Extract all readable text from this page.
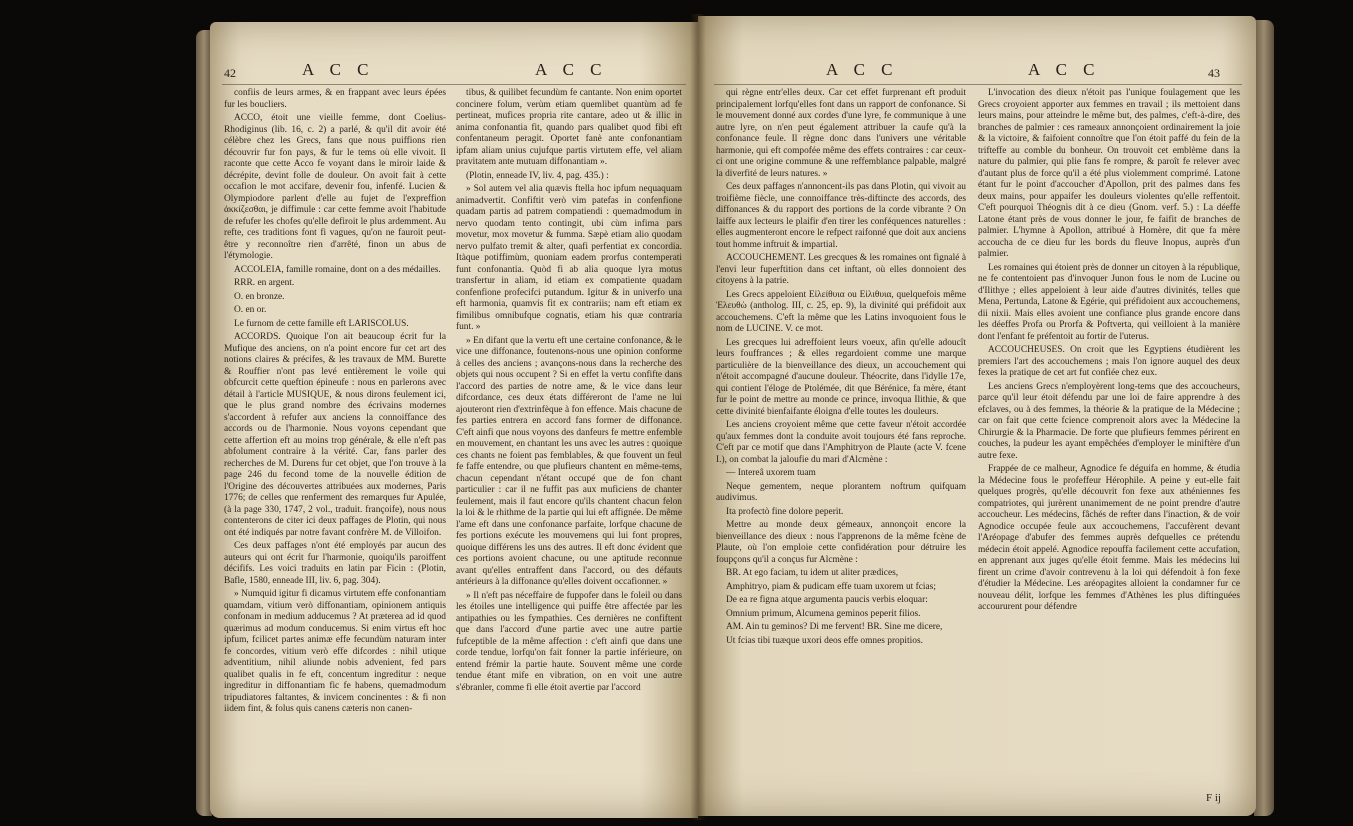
42	A C C	A C C

confiis de leurs armes, & en frappant avec leurs épées fur les boucliers.

ACCO, étoit une vieille femme, dont Coelius-Rhodiginus (lib. 16, c. 2) a parlé, & qu'il dit avoir été célèbre chez les Grecs, fans que nous puiffions rien découvrir fur fon pays, & fur le tems où elle vivoit. Il raconte que cette Acco fe voyant dans le miroir laide & décrépite, devint folle de douleur. On avoit fait à cette occafion le mot accifare, devenir fou, infenfé. Lucien & Olympiodore parlent d'elle au fujet de l'expreffion ἀκκίζεσθαι, je diffimule : car cette femme avoit l'habitude de refufer les chofes qu'elle defiroit le plus ardemment. Au refte, ces traditions font fi vagues, qu'on ne fauroit peut-être y reconnoître rien d'arrêté, finon un abus de l'étymologie.

ACCOLEIA, famille romaine, dont on a des médailles.

RRR. en argent.

O. en bronze.

O. en or.

Le furnom de cette famille eft LARISCOLUS.

ACCORDS. Quoique l'on ait beaucoup écrit fur la Mufique des anciens, on n'a point encore fur cet art des notions claires & précifes, & les travaux de MM. Burette & Rouffier n'ont pas levé entièrement le voile qui obfcurcit cette queftion épineufe : nous en parlerons avec détail à l'article MUSIQUE, & nous dirons feulement ici, que le plus grand nombre des écrivains modernes s'accordent à refufer aux anciens la connoiffance des accords ou de l'harmonie. Nous voyons cependant que cette affertion eft au moins trop générale, & elle n'eft pas abfolument contraire à la vérité. Car, fans parler des recherches de M. Durens fur cet objet, que l'on trouve à la page 246 du fecond tome de la nouvelle édition de l'Origine des découvertes attribuées aux modernes, Paris 1776; de celles que renferment des remarques fur Apulée, (à la page 330, 1747, 2 vol., traduit. françoife), nous nous contenterons de citer ici deux paffages de Plotin, qui nous ont été indiqués par notre favant confrère M. de Villoifon.

Ces deux paffages n'ont été employés par aucun des auteurs qui ont écrit fur l'harmonie, quoiqu'ils paroiffent décififs. Les voici traduits en latin par Ficin : (Plotin, Bafle, 1580, enneade III, liv. 6, pag. 304).

» Numquid igitur fi dicamus virtutem effe confonantiam quamdam, vitium verò diffonantiam, opinionem antiquis confonam in medium adducemus ? At præterea ad id quod quærimus ad modum conducemus. Si enim virtus eft hoc ipfum, fcilicet partes animæ effe fecundùm naturam inter fe concordes, vitium verò effe difcordes : nihil utique adventitium, nihil aliunde nobis advenient, fed pars qualibet qualis in fe eft, concentum ingreditur : neque ingreditur in diffonantiam fic fe habens, quemadmodum tripudiatores faltantes, & invicem concinentes : & fi non iidem fint, & folus quis canens cæteris non canen-

tibus, & quilibet fecundùm fe cantante. Non enim oportet concinere folum, verùm etiam quemlibet quantùm ad fe pertineat, mufices propria rite cantare, adeo ut & illic in anima confonantia fit, quando pars qualibet quod fibi eft confentaneum peragit. Oportet fanè ante confonantiam ipfam aliam unius cujufque partis virtutem effe, vel aliam pravitatem ante mutuam diffonantiam ».

(Plotin, enneade IV, liv. 4, pag. 435.) :

» Sol autem vel alia quævis ftella hoc ipfum nequaquam animadvertit. Confiftit verò vim patefas in confenfione quadam partis ad patrem compatiendi : quemadmodum in nervo quodam tento contingit, ubi cùm infima pars movetur, mox movetur & fumma. Sæpè etiam alio quodam nervo pulfato tremit & alter, quafi perfentiat ex concordia. Itàque potiffimùm, quoniam eadem prorfus contemperati funt confonantia. Quòd fi ab alia quoque lyra motus transfertur in aliam, id etiam ex compatiente quadam confenfione profecifci putandum. Igitur & in univerfo una eft harmonia, quamvis fit ex contrariis; nam eft etiam ex fimilibus omnibufque cognatis, etiam his quæ contraria funt. »

» En difant que la vertu eft une certaine confonance, & le vice une diffonance, foutenons-nous une opinion conforme à celles des anciens ; avançons-nous dans la recherche des objets qui nous occupent ? Si en effet la vertu confifte dans l'accord des parties de notre ame, & le vice dans leur difcordance, ces deux états différeront de l'ame ne lui ajouteront rien d'extrinfèque à fon effence. Mais chacune de fes parties entrera en accord fans former de diffonance. C'eft ainfi que nous voyons des danfeurs fe mettre enfemble en mouvement, en chantant les uns avec les autres : quoique ces chants ne foient pas femblables, & que fouvent un feul fe faffe entendre, ou que plufieurs chantent en même-tems, chacun cependant n'étant occupé que de fon chant particulier : car il ne fuffit pas aux muficiens de chanter feulement, mais il faut encore qu'ils chantent chacun felon la loi & le rhithme de la partie qui lui eft affignée. De même l'ame eft dans une confonance parfaite, lorfque chacune de fes portions exécute les mouvemens qui lui font propres, quoique différens les uns des autres. Il eft donc évident que ces portions avoient chacune, ou une aptitude reconnue avant qu'elles entraffent dans l'accord, ou des défauts antérieurs à la diffonance qu'elles doivent occafionner. »

» Il n'eft pas néceffaire de fuppofer dans le foleil ou dans les étoiles une intelligence qui puiffe être affectée par les antipathies ou les fympathies. Ces dernières ne confiftent que dans l'accord d'une partie avec une autre partie fufceptible de la même affection : c'eft ainfi que dans une corde tendue, lorfqu'on fait fonner la partie inférieure, on entend frémir la partie haute. Souvent même une corde tendue étant mife en vibration, on en voit une autre s'ébranler, comme fi elle étoit avertie par l'accord

A C C	A C C	43

qui règne entr'elles deux. Car cet effet furprenant eft produit principalement lorfqu'elles font dans un rapport de confonance. Si le mouvement donné aux cordes d'une lyre, fe communique à une autre lyre, on n'en peut également attribuer la caufe qu'à la confonance feule. Il règne donc dans l'univers une véritable harmonie, qui eft compofée même des effets contraires : car ceux-ci ont une origine commune & une reffemblance palpable, malgré la diverfité de leurs natures. »

Ces deux paffages n'annoncent-ils pas dans Plotin, qui vivoit au troifième fiècle, une connoiffance très-diftincte des accords, des diffonances & du rapport des portions de la corde vibrante ? On laiffe aux lecteurs le plaifir d'en tirer les conféquences naturelles : elles augmenteront encore le refpect raifonné que doit aux anciens tout homme inftruit & impartial.

ACCOUCHEMENT. Les grecques & les romaines ont fignalé à l'envi leur fuperftition dans cet inftant, où elles donnoient des citoyens à la patrie.

Les Grecs appeloient Εἰλείθυια ou Εἰλιθυια, quelquefois même Ἐλευθὼ (antholog. III, c. 25, ep. 9), la divinité qui préfidoit aux accouchemens. C'eft la même que les Latins invoquoient fous le nom de LUCINE. V. ce mot.

Les grecques lui adreffoient leurs voeux, afin qu'elle adoucît leurs fouffrances ; & elles regardoient comme une marque particulière de la bienveillance des dieux, un accouchement qui n'étoit accompagné d'aucune douleur. Théocrite, dans l'idylle 17e, qui contient l'éloge de Ptolémée, dit que Bérénice, fa mère, étant fur le point de mettre au monde ce prince, invoqua Ilithie, & que cette divinité bienfaifante éloigna d'elle toutes les douleurs.

Les anciens croyoient même que cette faveur n'étoit accordée qu'aux femmes dont la conduite avoit toujours été fans reproche. C'eft par ce motif que dans l'Amphitryon de Plaute (acte V. fcene I.), on combat la jaloufie du mari d'Alcmène :

— Intereâ uxorem tuam

Neque gementem, neque plorantem noftrum quifquam audivimus.

Ita profectò fine dolore peperit.

Mettre au monde deux gémeaux, annonçoit encore la bienveillance des dieux : nous l'apprenons de la même fcène de Plaute, où l'on emploie cette confidération pour détruire les foupçons qu'il a conçus fur Alcmène :

BR. At ego faciam, tu idem ut aliter prædices,

Amphitryo, piam & pudicam effe tuam uxorem ut fcias;

De ea re figna atque argumenta paucis verbis eloquar:

Omnium primum, Alcumena geminos peperit filios.

AM. Ain tu geminos? Di me fervent! BR. Sine me dicere,

Ut fcias tibi tuæque uxori deos effe omnes propitios.

L'invocation des dieux n'étoit pas l'unique foulagement que les Grecs croyoient apporter aux femmes en travail ; ils mettoient dans leurs mains, pour atteindre le même but, des palmes, c'eft-à-dire, des branches de palmier : ces rameaux annonçoient ordinairement la joie & la victoire, & faifoient connoître que l'on étoit paffé du fein de la trifteffe au comble du bonheur. On trouvoit cet emblème dans la nature du palmier, qui plie fans fe rompre, & paroît fe relever avec d'autant plus de force qu'il a été plus violemment comprimé. Latone étant fur le point d'accoucher d'Apollon, prit des palmes dans fes deux mains, pour appaifer les douleurs violentes qu'elle reffentoit. C'eft pourquoi Théognis dit à ce dieu (Gnom. verf. 5.) : La déeffe Latone étant près de vous donner le jour, fe faifit de branches de palmier. L'hymne à Apollon, attribué à Homère, dit que fa mère accoucha de ce dieu fur les bords du fleuve Inopus, auprès d'un palmier.

Les romaines qui étoient près de donner un citoyen à la république, ne fe contentoient pas d'invoquer Junon fous le nom de Lucine ou d'Ilithye ; elles appeloient à leur aide d'autres divinités, telles que Mena, Pertunda, Latone & Egérie, qui préfidoient aux accouchemens, dii nixii. Mais elles avoient une confiance plus grande encore dans les déeffes Profa ou Prorfa & Poftverta, qui veilloient à la manière dont l'enfant fe préfentoit au fortir de l'uterus.

ACCOUCHEUSES. On croit que les Egyptiens étudièrent les premiers l'art des accouchemens ; mais l'on ignore auquel des deux fexes la pratique de cet art fut confiée chez eux.

Les anciens Grecs n'employèrent long-tems que des accoucheurs, parce qu'il leur étoit défendu par une loi de faire apprendre à des efclaves, ou à des femmes, la théorie & la pratique de la Médecine ; car on fait que cette fcience comprenoit alors avec la Médecine la Chirurgie & la Pharmacie. De forte que plufieurs femmes périrent en couches, la pudeur les ayant empêchées d'employer le miniftère d'un autre fexe.

Frappée de ce malheur, Agnodice fe déguifa en homme, & étudia la Médecine fous le profeffeur Hérophile. A peine y eut-elle fait quelques progrès, qu'elle découvrit fon fexe aux athéniennes fes compatriotes, qui jurèrent unanimement de ne point prendre d'autre accoucheur. Les médecins, fâchés de refter dans l'inaction, & de voir Agnodice occupée feule aux accouchemens, l'accufèrent devant l'Aréopage d'abufer des femmes auprès defquelles ce prétendu médecin étoit appelé. Agnodice repouffa facilement cette accufation, en apprenant aux juges qu'elle étoit femme. Mais les médecins lui firent un crime d'avoir contrevenu à la loi qui défendoit à fon fexe d'étudier la Médecine. Les aréopagites alloient la condamner fur ce nouveau délit, lorfque les femmes d'Athènes les plus diftinguées accoururent pour défendre

F ij
